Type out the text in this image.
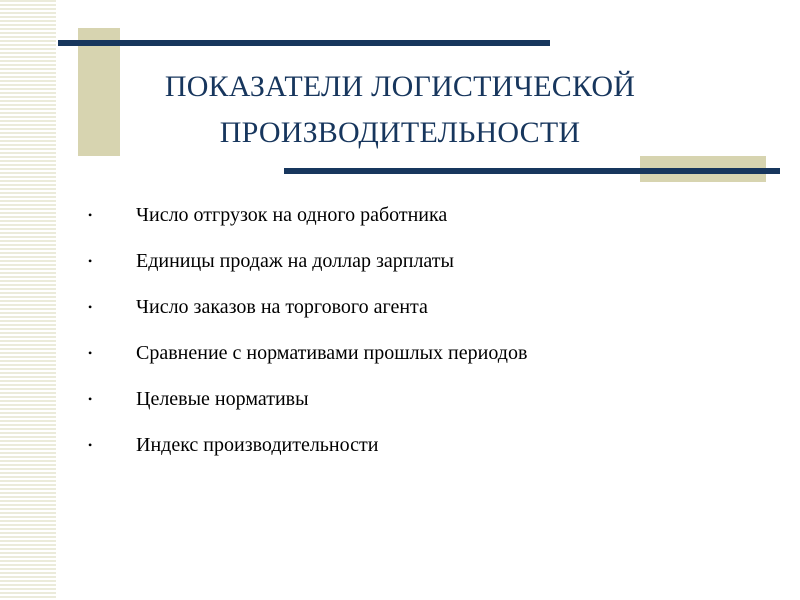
ПОКАЗАТЕЛИ ЛОГИСТИЧЕСКОЙ
ПРОИЗВОДИТЕЛЬНОСТИ
•	Число отгрузок на одного работника
•	Единицы продаж на доллар зарплаты
•	Число заказов на торгового агента
•	Сравнение с нормативами прошлых периодов
•	Целевые нормативы
•	Индекс производительности
